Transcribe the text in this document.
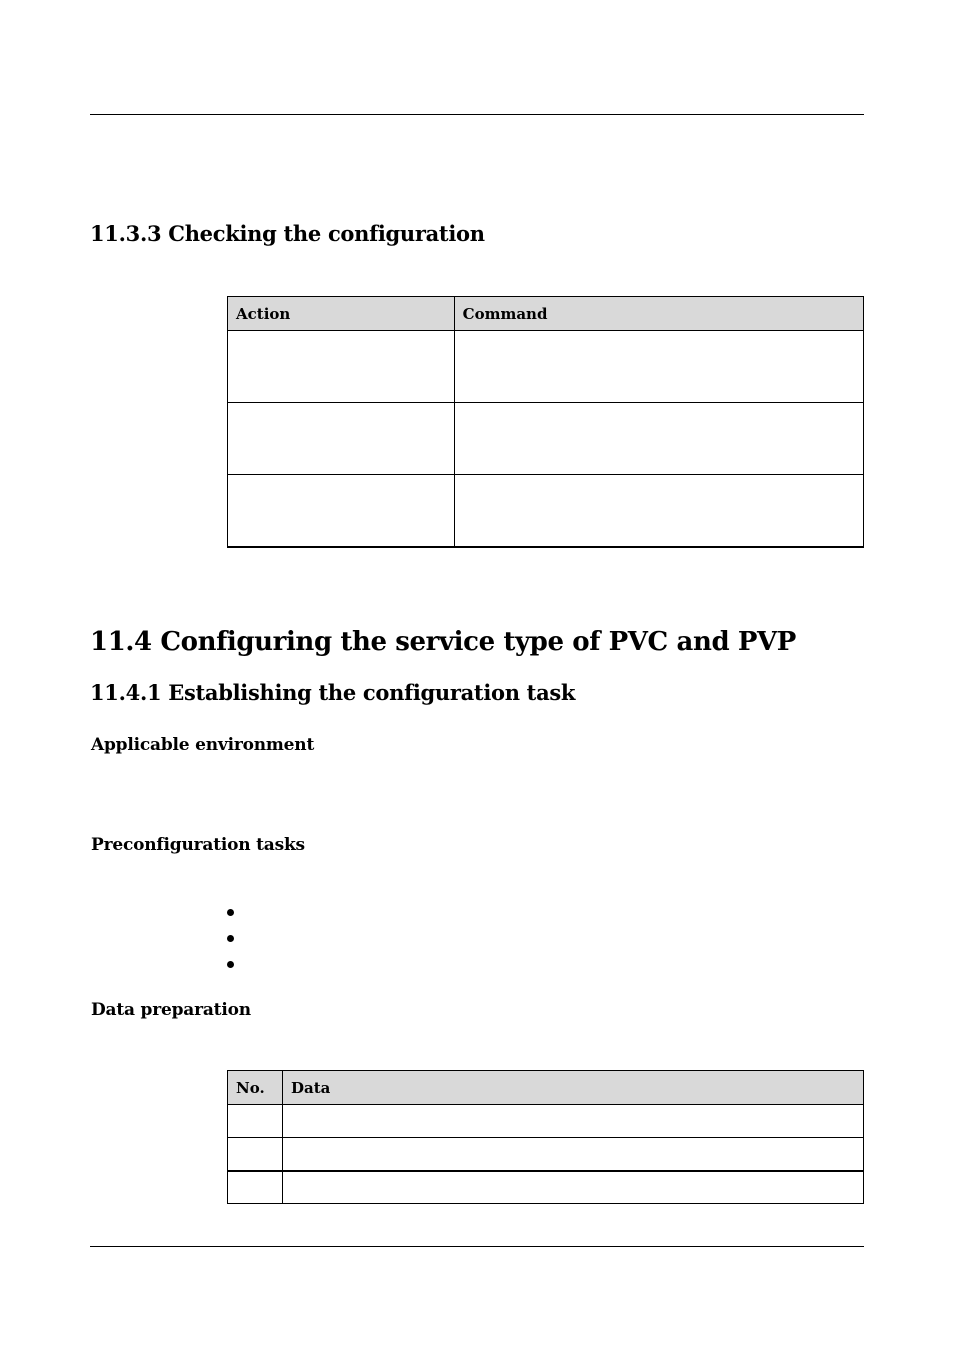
11.3.3 Checking the configuration
Action	Command

11.4 Configuring the service type of PVC and PVP
11.4.1 Establishing the configuration task
Applicable environment
Preconfiguration tasks
Data preparation
No.	Data
